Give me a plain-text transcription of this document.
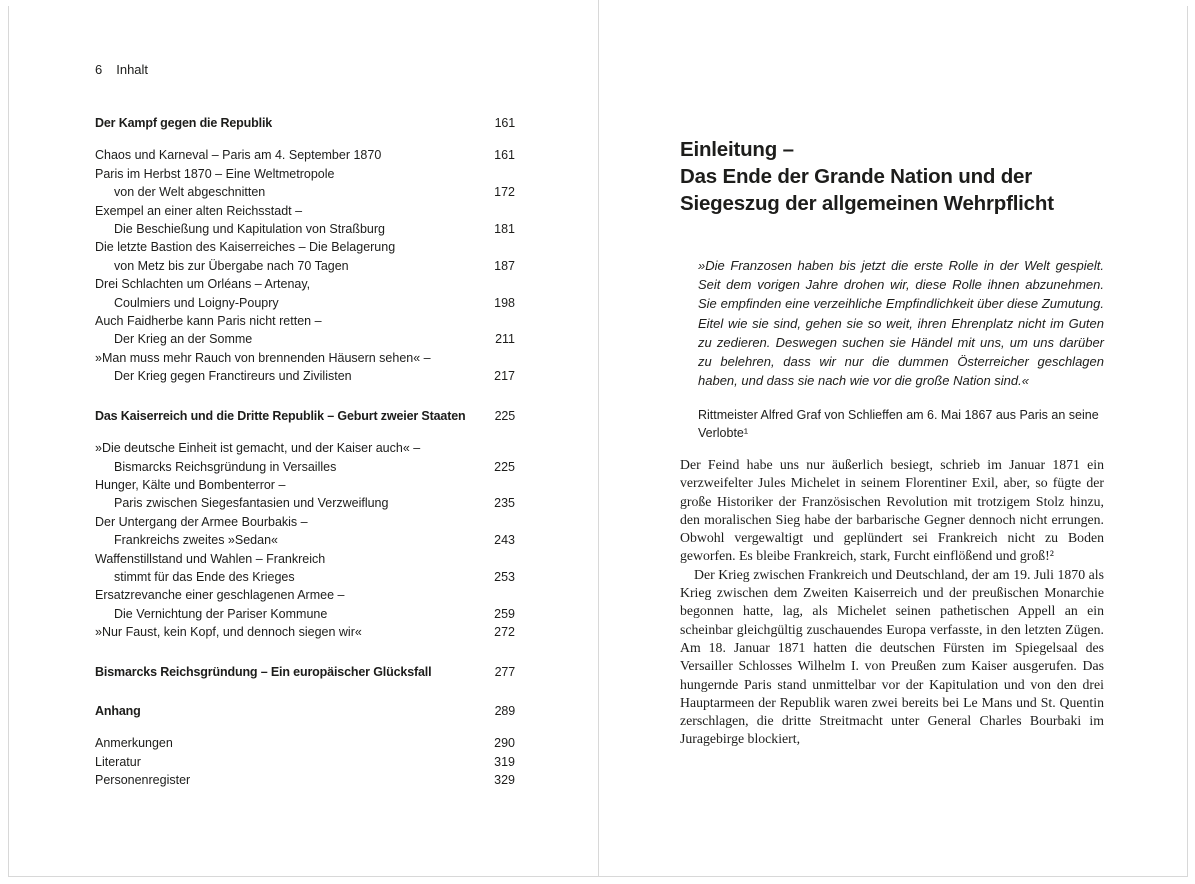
6 Inhalt
Der Kampf gegen die Republik	161
Chaos und Karneval – Paris am 4. September 1870	161
Paris im Herbst 1870 – Eine Weltmetropole
von der Welt abgeschnitten	172
Exempel an einer alten Reichsstadt –
Die Beschießung und Kapitulation von Straßburg	181
Die letzte Bastion des Kaiserreiches – Die Belagerung
von Metz bis zur Übergabe nach 70 Tagen	187
Drei Schlachten um Orléans – Artenay,
Coulmiers und Loigny-Poupry	198
Auch Faidherbe kann Paris nicht retten –
Der Krieg an der Somme	211
»Man muss mehr Rauch von brennenden Häusern sehen« –
Der Krieg gegen Franctireurs und Zivilisten	217
Das Kaiserreich und die Dritte Republik – Geburt zweier Staaten	225
»Die deutsche Einheit ist gemacht, und der Kaiser auch« –
Bismarcks Reichsgründung in Versailles	225
Hunger, Kälte und Bombenterror –
Paris zwischen Siegesfantasien und Verzweiflung	235
Der Untergang der Armee Bourbakis –
Frankreichs zweites »Sedan«	243
Waffenstillstand und Wahlen – Frankreich
stimmt für das Ende des Krieges	253
Ersatzrevanche einer geschlagenen Armee –
Die Vernichtung der Pariser Kommune	259
»Nur Faust, kein Kopf, und dennoch siegen wir«	272
Bismarcks Reichsgründung – Ein europäischer Glücksfall	277
Anhang	289
Anmerkungen	290
Literatur	319
Personenregister	329
Einleitung –
Das Ende der Grande Nation und der
Siegeszug der allgemeinen Wehrpflicht
»Die Franzosen haben bis jetzt die erste Rolle in der Welt gespielt. Seit dem vorigen Jahre drohen wir, diese Rolle ihnen abzunehmen. Sie empfinden eine verzeihliche Empfindlichkeit über diese Zumutung. Eitel wie sie sind, gehen sie so weit, ihren Ehrenplatz nicht im Guten zu zedieren. Deswegen suchen sie Händel mit uns, um uns darüber zu belehren, dass wir nur die dummen Österreicher geschlagen haben, und dass sie nach wie vor die große Nation sind.«
Rittmeister Alfred Graf von Schlieffen am 6. Mai 1867 aus Paris an seine Verlobte¹

Der Feind habe uns nur äußerlich besiegt, schrieb im Januar 1871 ein verzweifelter Jules Michelet in seinem Florentiner Exil, aber, so fügte der große Historiker der Französischen Revolution mit trotzigem Stolz hinzu, den moralischen Sieg habe der barbarische Gegner dennoch nicht errungen. Obwohl vergewaltigt und geplündert sei Frankreich nicht zu Boden geworfen. Es bleibe Frankreich, stark, Furcht einflößend und groß!²

Der Krieg zwischen Frankreich und Deutschland, der am 19. Juli 1870 als Krieg zwischen dem Zweiten Kaiserreich und der preußischen Monarchie begonnen hatte, lag, als Michelet seinen pathetischen Appell an ein scheinbar gleichgültig zuschauendes Europa verfasste, in den letzten Zügen. Am 18. Januar 1871 hatten die deutschen Fürsten im Spiegelsaal des Versailler Schlosses Wilhelm I. von Preußen zum Kaiser ausgerufen. Das hungernde Paris stand unmittelbar vor der Kapitulation und von den drei Hauptarmeen der Republik waren zwei bereits bei Le Mans und St. Quentin zerschlagen, die dritte Streitmacht unter General Charles Bourbaki im Juragebirge blockiert,
